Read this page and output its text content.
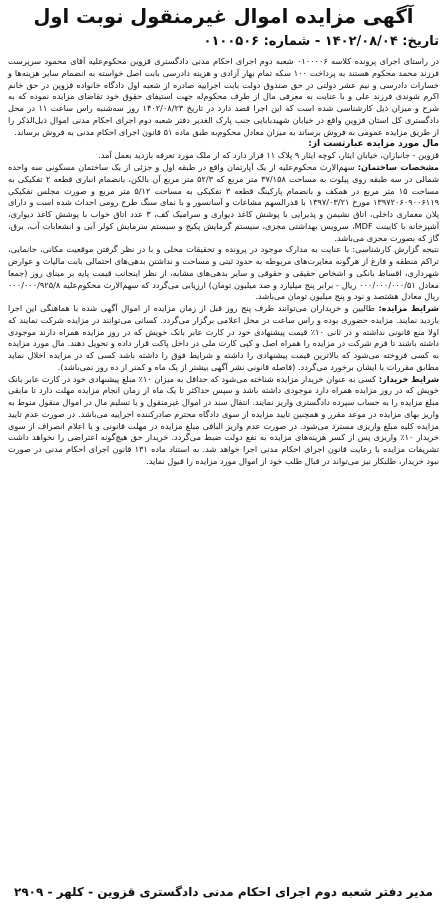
آگهی مزایده اموال غیرمنقول نوبت اول
تاریخ: ۱۴۰۲/۰۸/۰۴ - شماره: ۰۱۰۰۵۰۶

در راستای اجرای پرونده کلاسه ۰۱۰۰۰۰۶ شعبه دوم اجرای احکام مدنی دادگستری قزوین محکوم‌علیه آقای محمود سرپرست فرزند محمد محکوم هستند به پرداخت ۱۰۰ سکه تمام بهار آزادی و هزینه دادرسی بابت اصل خواسته به انضمام سایر هزینه‌ها و خسارات دادرسی و نیم عشر دولتی در حق صندوق دولت بابت اجراییه صادره از شعبه اول دادگاه خانواده قزوین در حق خانم اکرم شوندی فرزند علی و با عنایت به معرفی مال از طرف محکوم‌له جهت استیفای حقوق خود تقاضای مزایده نموده که به شرح و میزان ذیل کارشناسی شده است که این اجرا قصد دارد در تاریخ ۱۴۰۲/۰۸/۲۳ روز سه‌شنبه راس ساعت ۱۱ در محل دادگستری کل استان قزوین واقع در خیابان شهیدبابایی جنب پارک الغدیر دفتر شعبه دوم اجرای احکام مدنی اموال ذیل‌الذکر را از طریق مزایده عمومی به فروش برساند به میزان معادل محکوم‌به طبق ماده ۵۱ قانون اجرای احکام مدنی به فروش برساند.

مال مورد مزایده عبارتست از:

قزوین - جانبازان، خیابان ایثار، کوچه ایثار ۹ پلاک ۱۱ قرار دارد که از ملک مورد تعرفه بازدید بعمل آمد.

مشخصات ساختمان: سهم‌الارث محکوم‌علیه از یک آپارتمان واقع در طبقه اول و جزئی از یک ساختمان مسکونی سه واحده شمالی در سه طبقه روی پیلوت به مساحت ۳۷/۱۵۸ متر مربع که ۵۲/۳ متر مربع آن بالکن، بانضمام انباری قطعه ۲ تفکیکی به مساحت ۱۵ متر مربع در همکف و بانضمام پارکینگ قطعه ۳ تفکیکی به مساحت ۵/۱۲ متر مربع و صورت مجلس تفکیکی ۱۳۹۷۲۰۶۰۹۰۰۶۱۱۹ مورخ ۱۳۹۷/۰۳/۲۱ با قدرالسهم مشاعات و آسانسور و با نمای سنگ طرح رومی احداث شده است و دارای پلان معماری داخلی، اتاق نشیمن و پذیرایی با پوشش کاغذ دیواری و سرامیک کف، ۳ عدد اتاق خواب با پوشش کاغذ دیواری، آشپزخانه با کابینت MDF، سرویس بهداشتی مجزی، سیستم گرمایش پکیج و سیستم سرمایش کولر آبی و انشعابات آب، برق، گاز که بصورت مجزی می‌باشد.

نتیجه گزارش کارشناسی: با عنایت به مدارک موجود در پرونده و تحقیقات محلی و با در نظر گرفتن موقعیت مکانی، جانمایی، تراکم منطقه و فارغ از هرگونه مغایرت‌های مربوطه به حدود ثبتی و مساحت و نداشتن بدهی‌های احتمالی بابت مالیات و عوارض شهرداری، اقساط بانکی و اشخاص حقیقی و حقوقی و سایر بدهی‌های مشابه، از نظر اینجانب قیمت پایه بر مبنای روز (جمعا معادل ۰۰۰/۰۰۰/۰۰۰/۵۱ ریال - برابر پنج میلیارد و صد میلیون تومان) ارزیابی می‌گردد که سهم‌الارث محکوم‌علیه ۰۰۰/۰۰۰/۹۲۵/۸ ریال معادل هشتصد و نود و پنج میلیون تومان می‌باشد.

شرایط مزایده: طالبین و خریداران می‌توانند ظرف پنج روز قبل از زمان مزایده از اموال آگهی شده با هماهنگی این اجرا بازدید نمایند. مزایده حضوری بوده و راس ساعت در محل اعلامی برگزار می‌گردد. کسانی می‌توانند در مزایده شرکت نمایند که اولا منع قانونی نداشته و در ثانی ۱۰٪ قیمت پیشنهادی خود در کارت عابر بانک خویش که در روز مزایده همراه دارند موجودی داشته باشند تا فرم شرکت در مزایده را همراه اصل و کپی کارت ملی در داخل پاکت قرار داده و تحویل دهند. مال مورد مزایده به کسی فروخته می‌شود که بالاترین قیمت پیشنهادی را داشته و شرایط فوق را داشته باشد کسی که در مزایده اخلال نماید مطابق مقررات با ایشان برخورد می‌گردد. (فاصله قانونی نشر آگهی بیشتر از یک ماه و کمتر از ده روز نمی‌باشد).

شرایط خریدار: کسی به عنوان خریدار مزایده شناخته می‌شود که حداقل به میزان ۱۰٪ مبلغ پیشنهادی خود در کارت عابر بانک خویش که در روز مزایده همراه دارد موجودی داشته باشد و سپس حداکثر تا یک ماه از زمان انجام مزایده مهلت دارد تا مابقی مبلغ مزایده را به حساب سپرده دادگستری واریز نمایند. انتقال سند در اموال غیرمنقول و یا تسلیم مال در اموال منقول منوط به واریز بهای مزایده در موعد مقرر و همچنین تایید مزایده از سوی دادگاه محترم صادرکننده اجراییه می‌باشد. در صورت عدم تایید مزایده کلیه مبلغ واریزی مسترد می‌شود. در صورت عدم واریز الباقی مبلغ مزایده در مهلت قانونی و یا اعلام انصراف از سوی خریدار ۱۰٪ واریزی پس از کسر هزینه‌های مزایده به نفع دولت ضبط می‌گردد. خریدار حق هیچ‌گونه اعتراضی را نخواهد داشت تشریفات مزایده با رعایت قانون اجرای احکام مدنی اجرا خواهد شد. به استناد ماده ۱۳۱ قانون اجرای احکام مدنی در صورت نبود خریدار، طلبکار نیز می‌تواند در قبال طلب خود از اموال مورد مزایده را قبول نماید.

مدیر دفتر شعبه دوم اجرای احکام مدنی دادگستری قزوین - کلهر - ۲۹۰۹
